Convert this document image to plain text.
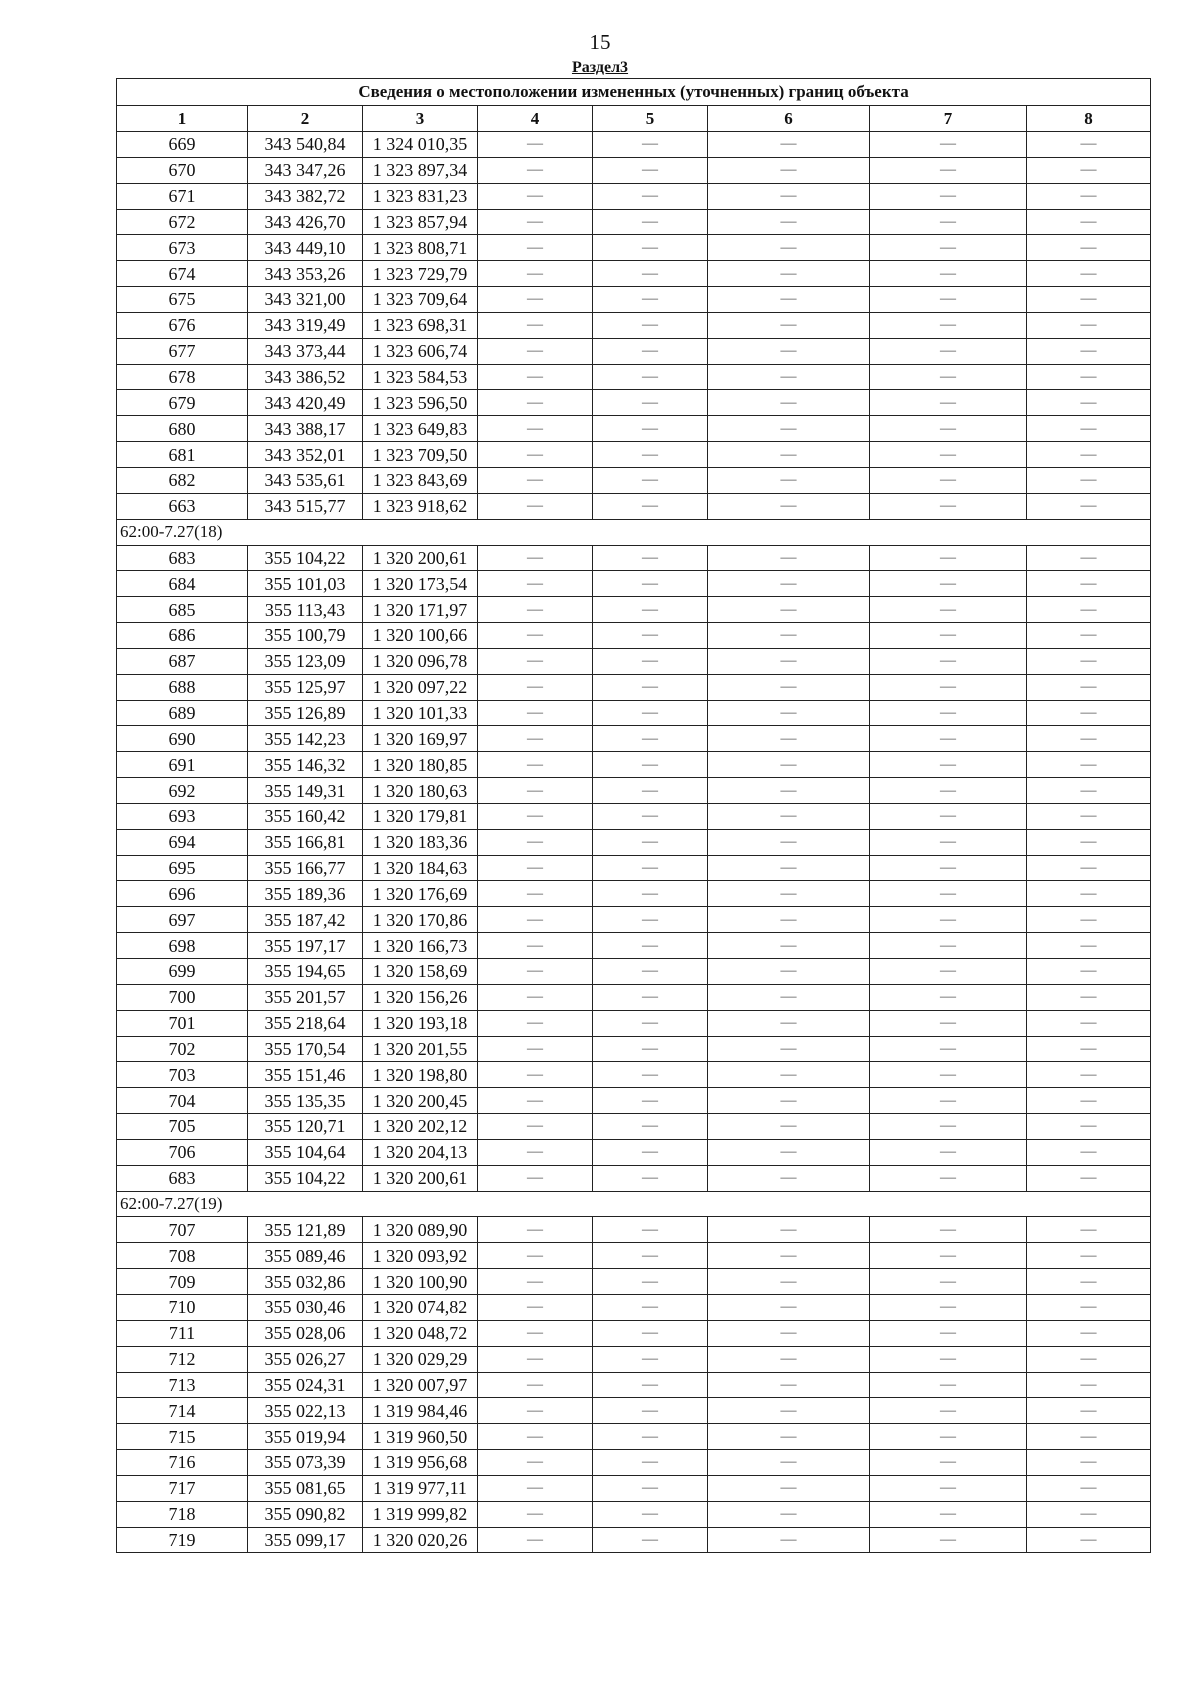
15
Раздел3
Сведения о местоположении измененных (уточненных) границ объекта							
1	2	3	4	5	6	7	8
669	343 540,84	1 324 010,35	—	—	—	—	—
670	343 347,26	1 323 897,34	—	—	—	—	—
671	343 382,72	1 323 831,23	—	—	—	—	—
672	343 426,70	1 323 857,94	—	—	—	—	—
673	343 449,10	1 323 808,71	—	—	—	—	—
674	343 353,26	1 323 729,79	—	—	—	—	—
675	343 321,00	1 323 709,64	—	—	—	—	—
676	343 319,49	1 323 698,31	—	—	—	—	—
677	343 373,44	1 323 606,74	—	—	—	—	—
678	343 386,52	1 323 584,53	—	—	—	—	—
679	343 420,49	1 323 596,50	—	—	—	—	—
680	343 388,17	1 323 649,83	—	—	—	—	—
681	343 352,01	1 323 709,50	—	—	—	—	—
682	343 535,61	1 323 843,69	—	—	—	—	—
663	343 515,77	1 323 918,62	—	—	—	—	—
62:00-7.27(18)							
683	355 104,22	1 320 200,61	—	—	—	—	—
684	355 101,03	1 320 173,54	—	—	—	—	—
685	355 113,43	1 320 171,97	—	—	—	—	—
686	355 100,79	1 320 100,66	—	—	—	—	—
687	355 123,09	1 320 096,78	—	—	—	—	—
688	355 125,97	1 320 097,22	—	—	—	—	—
689	355 126,89	1 320 101,33	—	—	—	—	—
690	355 142,23	1 320 169,97	—	—	—	—	—
691	355 146,32	1 320 180,85	—	—	—	—	—
692	355 149,31	1 320 180,63	—	—	—	—	—
693	355 160,42	1 320 179,81	—	—	—	—	—
694	355 166,81	1 320 183,36	—	—	—	—	—
695	355 166,77	1 320 184,63	—	—	—	—	—
696	355 189,36	1 320 176,69	—	—	—	—	—
697	355 187,42	1 320 170,86	—	—	—	—	—
698	355 197,17	1 320 166,73	—	—	—	—	—
699	355 194,65	1 320 158,69	—	—	—	—	—
700	355 201,57	1 320 156,26	—	—	—	—	—
701	355 218,64	1 320 193,18	—	—	—	—	—
702	355 170,54	1 320 201,55	—	—	—	—	—
703	355 151,46	1 320 198,80	—	—	—	—	—
704	355 135,35	1 320 200,45	—	—	—	—	—
705	355 120,71	1 320 202,12	—	—	—	—	—
706	355 104,64	1 320 204,13	—	—	—	—	—
683	355 104,22	1 320 200,61	—	—	—	—	—
62:00-7.27(19)							
707	355 121,89	1 320 089,90	—	—	—	—	—
708	355 089,46	1 320 093,92	—	—	—	—	—
709	355 032,86	1 320 100,90	—	—	—	—	—
710	355 030,46	1 320 074,82	—	—	—	—	—
711	355 028,06	1 320 048,72	—	—	—	—	—
712	355 026,27	1 320 029,29	—	—	—	—	—
713	355 024,31	1 320 007,97	—	—	—	—	—
714	355 022,13	1 319 984,46	—	—	—	—	—
715	355 019,94	1 319 960,50	—	—	—	—	—
716	355 073,39	1 319 956,68	—	—	—	—	—
717	355 081,65	1 319 977,11	—	—	—	—	—
718	355 090,82	1 319 999,82	—	—	—	—	—
719	355 099,17	1 320 020,26	—	—	—	—	—
